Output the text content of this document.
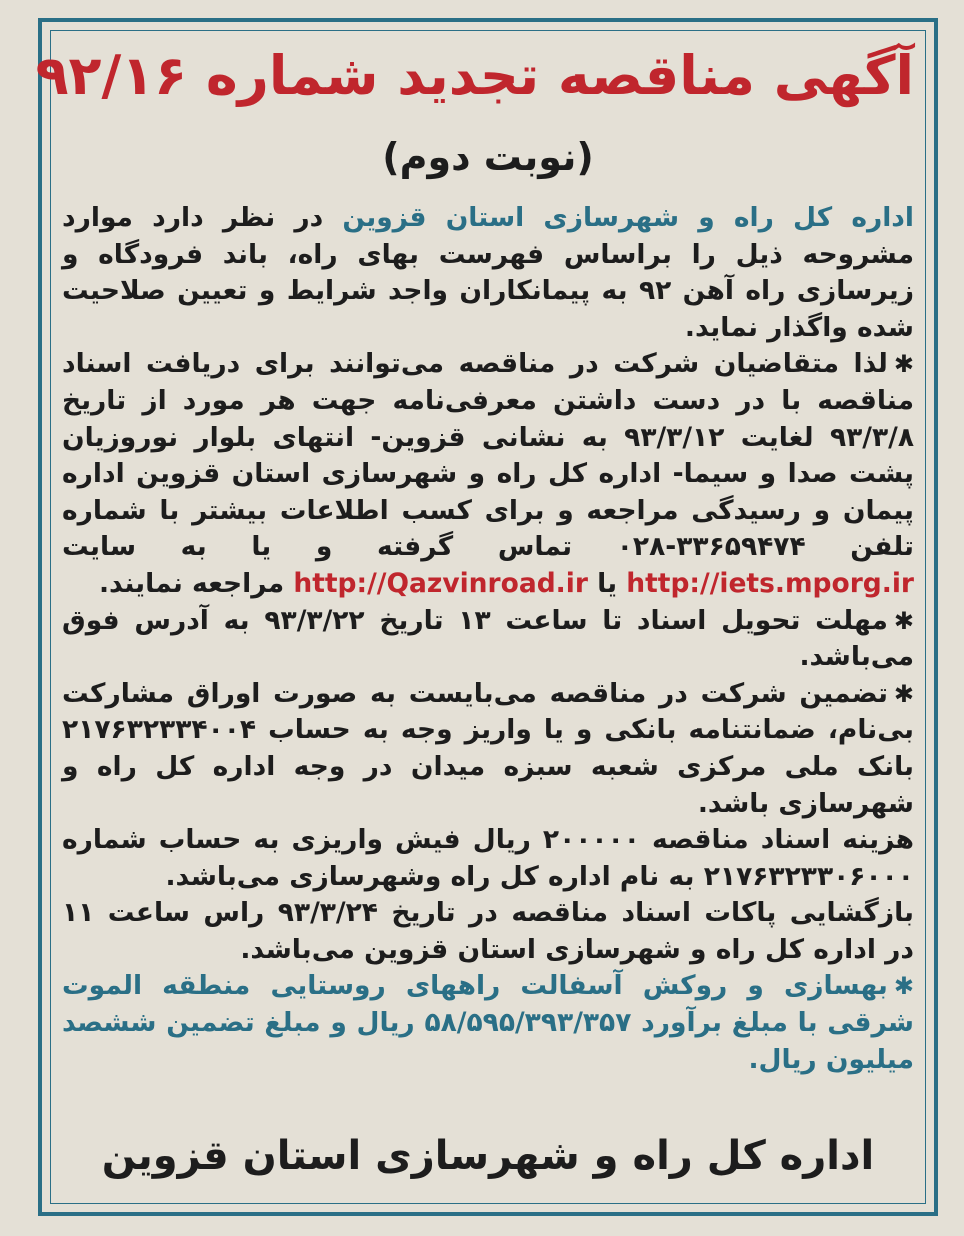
آگهی مناقصه تجدید شماره ۹۲/۱۶
(نوبت دوم)

اداره کل راه و شهرسازی استان قزوین در نظر دارد موارد مشروحه ذیل را براساس فهرست بهای راه، باند فرودگاه و زیرسازی راه آهن ۹۲ به پیمانکاران واجد شرایط و تعیین صلاحیت شده واگذار نماید.

✱لذا متقاضیان شرکت در مناقصه می‌توانند برای دریافت اسناد مناقصه با در دست داشتن معرفی‌نامه جهت هر مورد از تاریخ ۹۳/۳/۸ لغایت ۹۳/۳/۱۲ به نشانی قزوین- انتهای بلوار نوروزیان پشت صدا و سیما- اداره کل راه و شهرسازی استان قزوین اداره پیمان و رسیدگی مراجعه و برای کسب اطلاعات بیشتر با شماره تلفن ۳۳۶۵۹۴۷۴-۰۲۸ تماس گرفته و یا به سایت http://iets.mporg.ir یا http://Qazvinroad.ir مراجعه نمایند.

✱مهلت تحویل اسناد تا ساعت ۱۳ تاریخ ۹۳/۳/۲۲ به آدرس فوق می‌باشد.

✱تضمین شرکت در مناقصه می‌بایست به صورت اوراق مشارکت بی‌نام، ضمانتنامه بانکی و یا واریز وجه به حساب ۲۱۷۶۳۲۳۳۴۰۰۴ بانک ملی مرکزی شعبه سبزه میدان در وجه اداره کل راه و شهرسازی باشد.

هزینه اسناد مناقصه ۲۰۰۰۰۰ ریال فیش واریزی به حساب شماره ۲۱۷۶۳۲۳۳۰۶۰۰۰ به نام اداره کل راه وشهرسازی می‌باشد.

بازگشایی پاکات اسناد مناقصه در تاریخ ۹۳/۳/۲۴ راس ساعت ۱۱ در اداره کل راه و شهرسازی استان قزوین می‌باشد.

✱بهسازی و روکش آسفالت راههای روستایی منطقه الموت شرقی با مبلغ برآورد ۵۸/۵۹۵/۳۹۳/۳۵۷ ریال و مبلغ تضمین ششصد میلیون ریال.

اداره کل راه و شهرسازی استان قزوین
